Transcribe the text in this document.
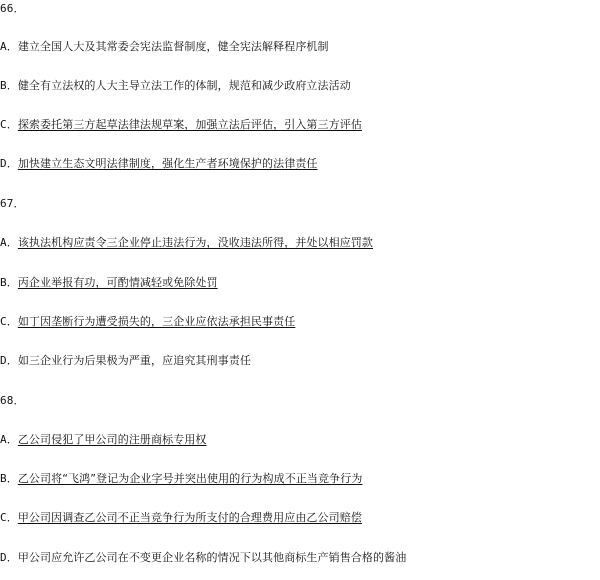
66．
A．建立全国人大及其常委会宪法监督制度，健全宪法解释程序机制
B．健全有立法权的人大主导立法工作的体制，规范和减少政府立法活动
C．探索委托第三方起草法律法规草案，加强立法后评估，引入第三方评估
D．加快建立生态文明法律制度，强化生产者环境保护的法律责任
67．
A．该执法机构应责令三企业停止违法行为，没收违法所得，并处以相应罚款
B．丙企业举报有功，可酌情减轻或免除处罚
C．如丁因垄断行为遭受损失的，三企业应依法承担民事责任
D．如三企业行为后果极为严重，应追究其刑事责任
68．
A．乙公司侵犯了甲公司的注册商标专用权
B．乙公司将“飞鸿”登记为企业字号并突出使用的行为构成不正当竞争行为
C．甲公司因调查乙公司不正当竞争行为所支付的合理费用应由乙公司赔偿
D．甲公司应允许乙公司在不变更企业名称的情况下以其他商标生产销售合格的酱油
